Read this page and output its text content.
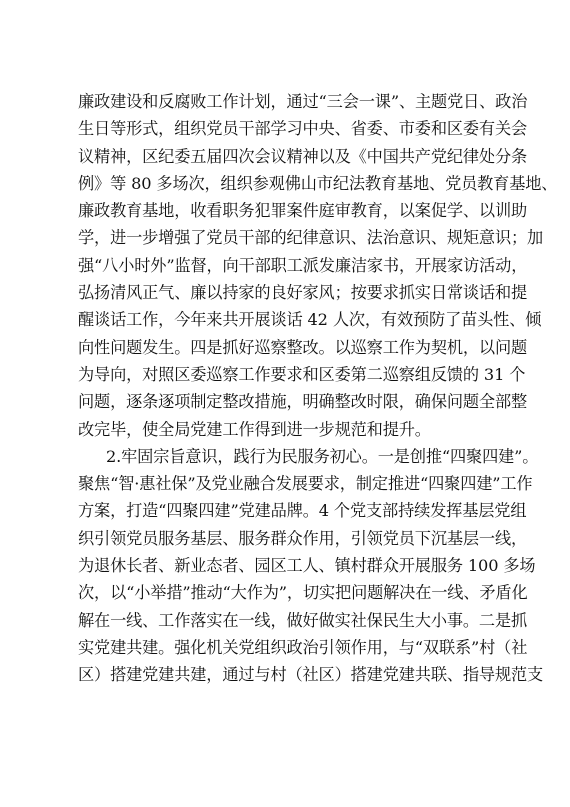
廉政建设和反腐败工作计划，通过“三会一课”、主题党日、政治
生日等形式，组织党员干部学习中央、省委、市委和区委有关会
议精神，区纪委五届四次会议精神以及《中国共产党纪律处分条
例》等 80 多场次，组织参观佛山市纪法教育基地、党员教育基地、
廉政教育基地，收看职务犯罪案件庭审教育，以案促学、以训助
学，进一步增强了党员干部的纪律意识、法治意识、规矩意识；加
强“八小时外”监督，向干部职工派发廉洁家书，开展家访活动，
弘扬清风正气、廉以持家的良好家风；按要求抓实日常谈话和提
醒谈话工作，今年来共开展谈话 42 人次，有效预防了苗头性、倾
向性问题发生。四是抓好巡察整改。以巡察工作为契机，以问题
为导向，对照区委巡察工作要求和区委第二巡察组反馈的 31 个
问题，逐条逐项制定整改措施，明确整改时限，确保问题全部整
改完毕，使全局党建工作得到进一步规范和提升。
2.牢固宗旨意识，践行为民服务初心。一是创推“四聚四建”。
聚焦“智·惠社保”及党业融合发展要求，制定推进“四聚四建”工作
方案，打造“四聚四建”党建品牌。4 个党支部持续发挥基层党组
织引领党员服务基层、服务群众作用，引领党员下沉基层一线，
为退休长者、新业态者、园区工人、镇村群众开展服务 100 多场
次，以“小举措”推动“大作为”，切实把问题解决在一线、矛盾化
解在一线、工作落实在一线，做好做实社保民生大小事。二是抓
实党建共建。强化机关党组织政治引领作用，与“双联系”村（社
区）搭建党建共建，通过与村（社区）搭建党建共联、指导规范支
